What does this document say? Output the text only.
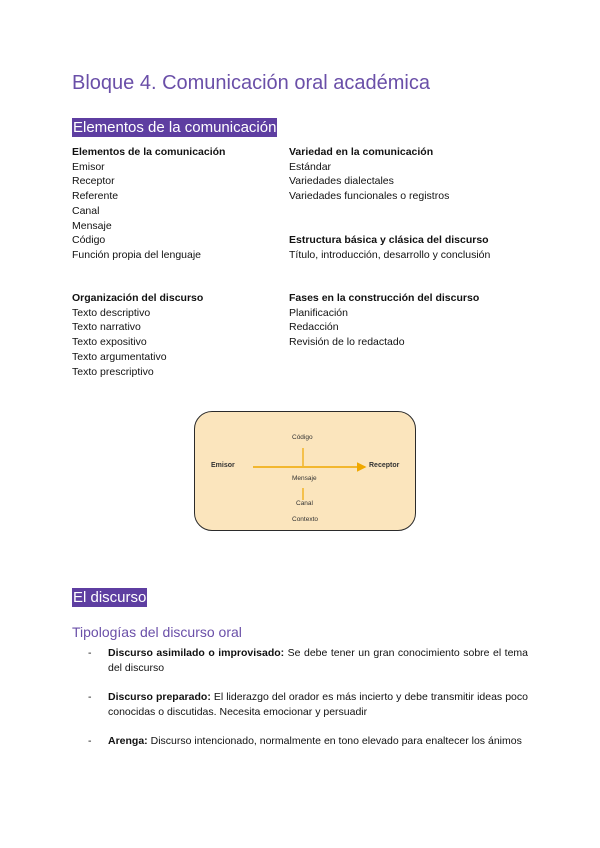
Bloque 4. Comunicación oral académica
Elementos de la comunicación
Elementos de la comunicación
Emisor
Receptor
Referente
Canal
Mensaje
Código
Función propia del lenguaje
Variedad en la comunicación
Estándar
Variedades dialectales
Variedades funcionales o registros
Estructura básica y clásica del discurso
Título, introducción, desarrollo y conclusión
Organización del discurso
Texto descriptivo
Texto narrativo
Texto expositivo
Texto argumentativo
Texto prescriptivo
Fases en la construcción del discurso
Planificación
Redacción
Revisión de lo redactado
Código
Emisor	Receptor
Mensaje
Canal
Contexto
El discurso
Tipologías del discurso oral
- Discurso asimilado o improvisado: Se debe tener un gran conocimiento sobre el tema del discurso
- Discurso preparado: El liderazgo del orador es más incierto y debe transmitir ideas poco conocidas o discutidas. Necesita emocionar y persuadir
- Arenga: Discurso intencionado, normalmente en tono elevado para enaltecer los ánimos
